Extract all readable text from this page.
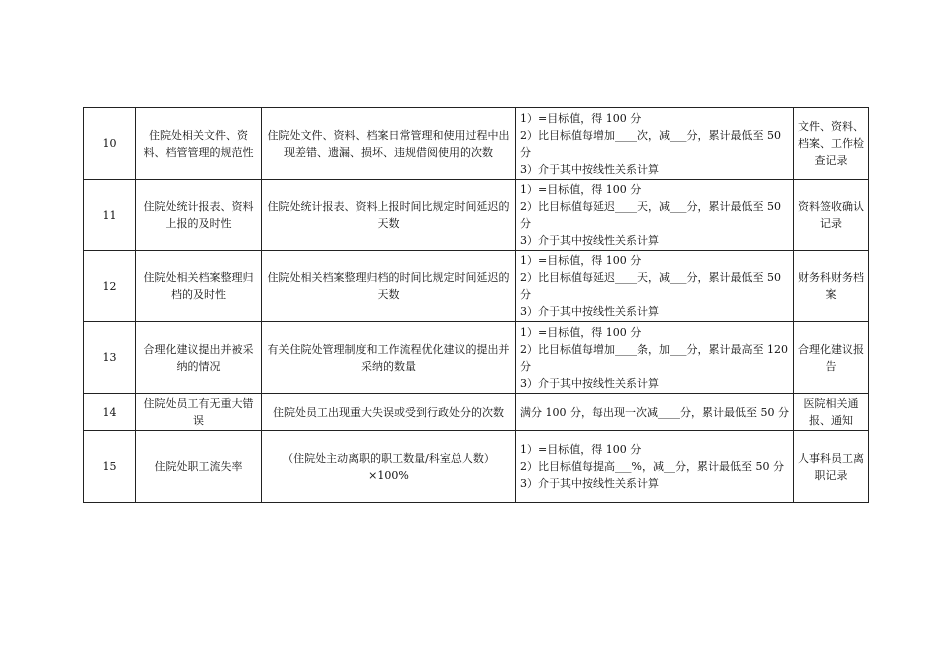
10	住院处相关文件、资料、档管管理的规范性	住院处文件、资料、档案日常管理和使用过程中出现差错、遗漏、损坏、违规借阅使用的次数	1）=目标值，得 100 分
2）比目标值每增加____次，减___分，累计最低至 50 分
3）介于其中按线性关系计算	文件、资料、档案、工作检查记录
11	住院处统计报表、资料上报的及时性	住院处统计报表、资料上报时间比规定时间延迟的天数	1）=目标值，得 100 分
2）比目标值每延迟____天，减___分，累计最低至 50 分
3）介于其中按线性关系计算	资料签收确认记录
12	住院处相关档案整理归档的及时性	住院处相关档案整理归档的时间比规定时间延迟的天数	1）=目标值，得 100 分
2）比目标值每延迟____天，减___分，累计最低至 50 分
3）介于其中按线性关系计算	财务科财务档案
13	合理化建议提出并被采纳的情况	有关住院处管理制度和工作流程优化建议的提出并采纳的数量	1）=目标值，得 100 分
2）比目标值每增加____条，加___分，累计最高至 120 分
3）介于其中按线性关系计算	合理化建议报告
14	住院处员工有无重大错误	住院处员工出现重大失误或受到行政处分的次数	满分 100 分，每出现一次减____分，累计最低至 50 分	医院相关通报、通知
15	住院处职工流失率	（住院处主动离职的职工数量/科室总人数）×100%	1）=目标值，得 100 分
2）比目标值每提高___%，减__分，累计最低至 50 分
3）介于其中按线性关系计算	人事科员工离职记录
